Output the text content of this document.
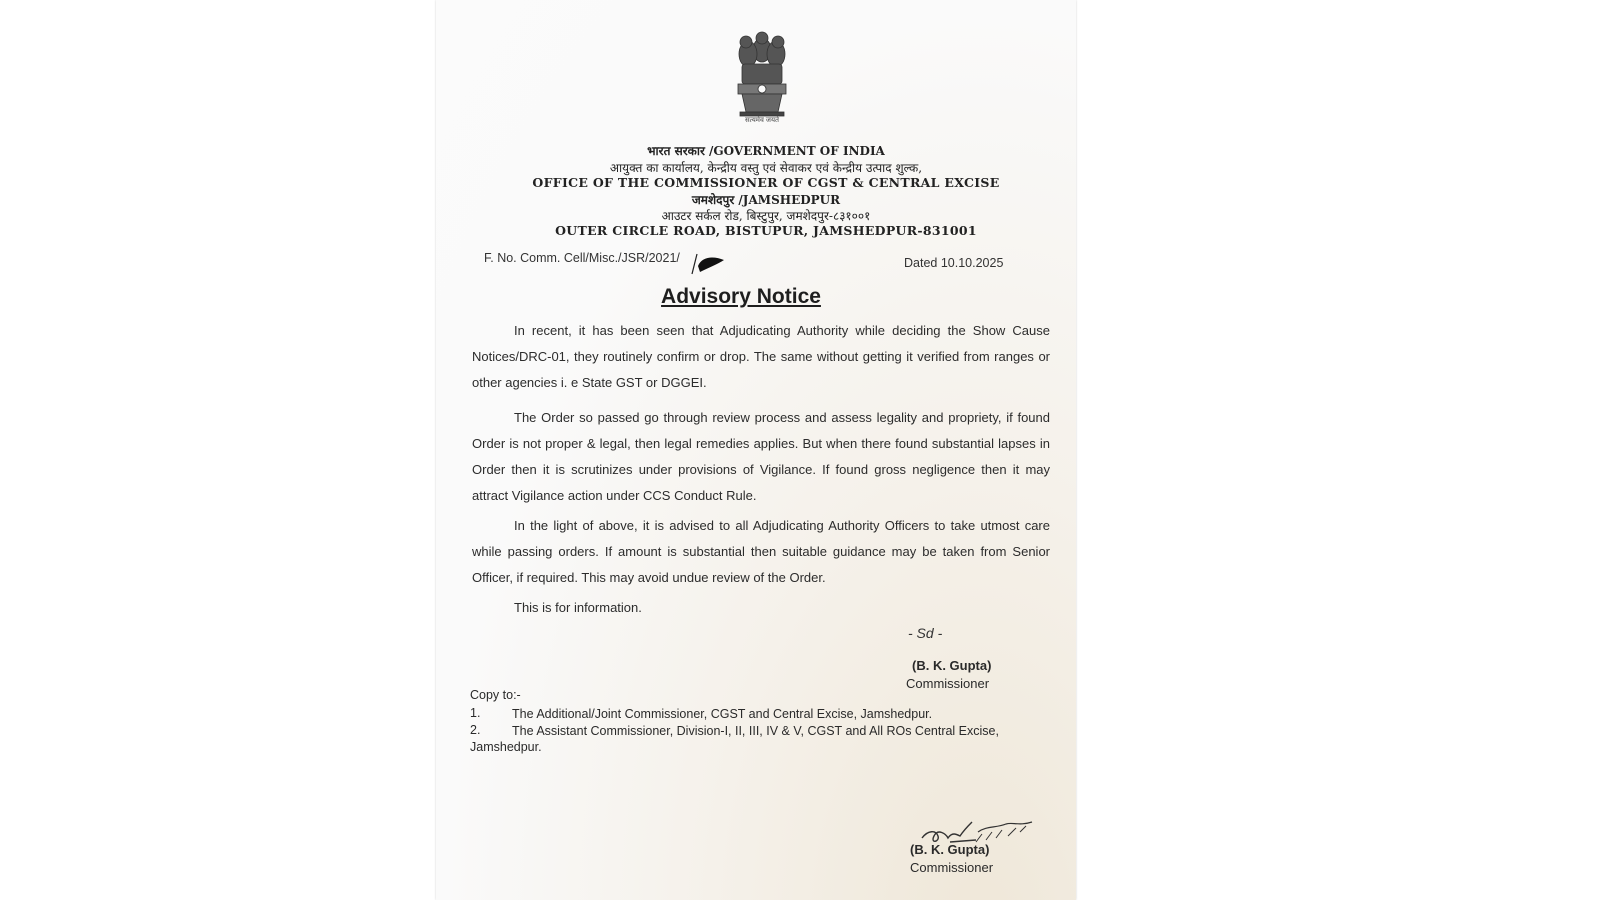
सत्यमेव जयते
भारत सरकार /GOVERNMENT OF INDIA
आयुक्त का कार्यालय, केन्द्रीय वस्तु एवं सेवाकर एवं केन्द्रीय उत्पाद शुल्क,
OFFICE OF THE COMMISSIONER OF CGST & CENTRAL EXCISE
जमशेदपुर /JAMSHEDPUR
आउटर सर्कल रोड, बिस्टुपुर, जमशेदपुर-८३१००१
OUTER CIRCLE ROAD, BISTUPUR, JAMSHEDPUR-831001
F. No. Comm. Cell/Misc./JSR/2021/	Dated 10.10.2025
Advisory Notice
In recent, it has been seen that Adjudicating Authority while deciding the Show Cause Notices/DRC-01, they routinely confirm or drop. The same without getting it verified from ranges or other agencies i. e State GST or DGGEI.
The Order so passed go through review process and assess legality and propriety, if found Order is not proper & legal, then legal remedies applies. But when there found substantial lapses in Order then it is scrutinizes under provisions of Vigilance. If found gross negligence then it may attract Vigilance action under CCS Conduct Rule.
In the light of above, it is advised to all Adjudicating Authority Officers to take utmost care while passing orders. If amount is substantial then suitable guidance may be taken from Senior Officer, if required. This may avoid undue review of the Order.
This is for information.
- Sd -
(B. K. Gupta)
Commissioner
Copy to:-
1.	The Additional/Joint Commissioner, CGST and Central Excise, Jamshedpur.
2.	The Assistant Commissioner, Division-I, II, III, IV & V, CGST and All ROs Central Excise,
Jamshedpur.
(B. K. Gupta)
Commissioner
